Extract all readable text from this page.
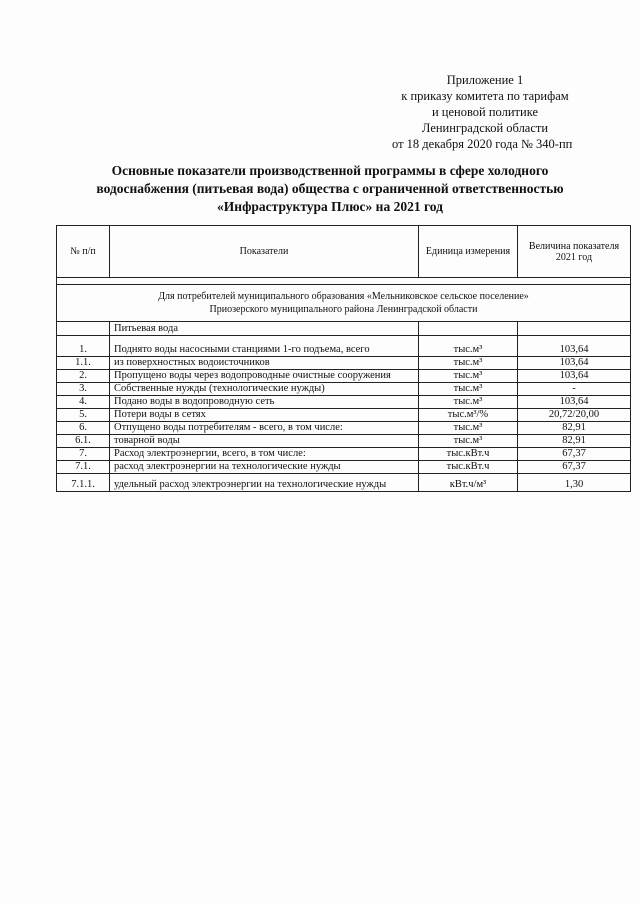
Приложение 1
к приказу комитета по тарифам
и ценовой политике
Ленинградской области
от 18 декабря 2020 года № 340-пп
Основные показатели производственной программы в сфере холодного
водоснабжения (питьевая вода) общества с ограниченной ответственностью
«Инфраструктура Плюс» на 2021 год
№ п/п	Показатели	Единица измерения	Величина показателя 2021 год

Для потребителей муниципального образования «Мельниковское сельское поселение»
Приозерского муниципального района Ленинградской области			

	Питьевая вода		
1.	Поднято воды насосными станциями 1-го подъема, всего	тыс.м³	103,64
1.1.	из поверхностных водоисточников	тыс.м³	103,64
2.	Пропущено воды через водопроводные очистные сооружения	тыс.м³	103,64
3.	Собственные нужды (технологические нужды)	тыс.м³	-
4.	Подано воды в водопроводную сеть	тыс.м³	103,64
5.	Потери воды в сетях	тыс.м³/%	20,72/20,00
6.	Отпущено воды потребителям - всего, в том числе:	тыс.м³	82,91
6.1.	товарной воды	тыс.м³	82,91
7.	Расход электроэнергии, всего, в том числе:	тыс.кВт.ч	67,37
7.1.	расход электроэнергии на технологические нужды	тыс.кВт.ч	67,37
7.1.1.	удельный расход электроэнергии на технологические нужды	кВт.ч/м³	1,30
